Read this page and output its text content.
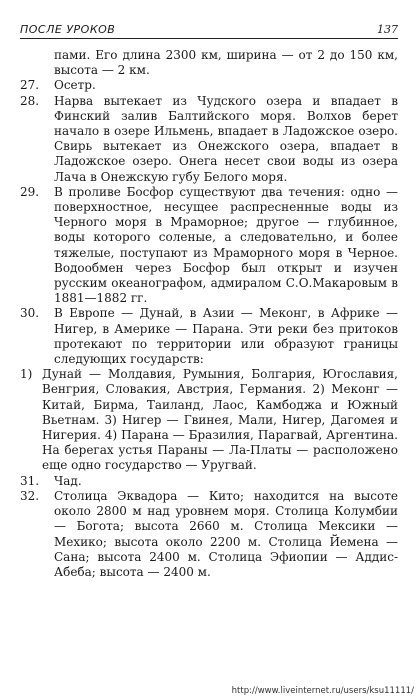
ПОСЛЕ УРОКОВ	137
пами. Его длина 2300 км, ширина — от 2 до 150 км, высота — 2 км.
27.	Осетр.
28.	Нарва вытекает из Чудского озера и впадает в Финский залив Балтийского моря. Волхов берет начало в озере Ильмень, впадает в Ладожское озеро. Свирь вытекает из Онежского озера, впадает в Ладожское озеро. Онега несет свои воды из озера Лача в Онежскую губу Белого моря.
29.	В проливе Босфор существуют два течения: одно — поверхностное, несущее распресненные воды из Черного моря в Мраморное; другое — глубинное, воды которого соленые, а следовательно, и более тяжелые, поступают из Мраморного моря в Черное. Водообмен через Босфор был открыт и изучен русским океанографом, адмиралом С.О.Макаровым в 1881—1882 гг.
30.	В Европе — Дунай, в Азии — Меконг, в Африке — Нигер, в Америке — Парана. Эти реки без притоков протекают по территории или образуют границы следующих государств:
1) Дунай — Молдавия, Румыния, Болгария, Югославия, Венгрия, Словакия, Австрия, Германия. 2) Меконг — Китай, Бирма, Таиланд, Лаос, Камбоджа и Южный Вьетнам. 3) Нигер — Гвинея, Мали, Нигер, Дагомея и Нигерия. 4) Парана — Бразилия, Парагвай, Аргентина. На берегах устья Параны — Ла-Платы — расположено еще одно государство — Уругвай.
31.	Чад.
32.	Столица Эквадора — Кито; находится на высоте около 2800 м над уровнем моря. Столица Колумбии — Богота; высота 2660 м. Столица Мексики — Мехико; высота около 2200 м. Столица Йемена — Сана; высота 2400 м. Столица Эфиопии — Аддис-Абеба; высота — 2400 м.
http://www.liveinternet.ru/users/ksu11111/
